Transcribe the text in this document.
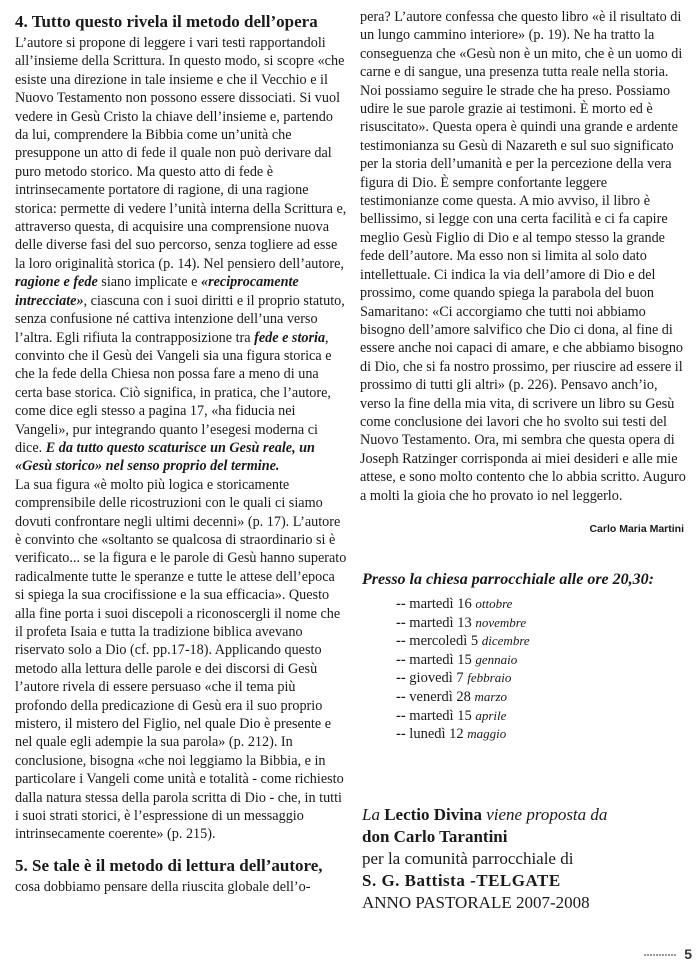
4. Tutto questo rivela il metodo dell’opera

L’autore si propone di leggere i vari testi rapportandoli all’insieme della Scrittura. In questo modo, si scopre «che esiste una direzione in tale insieme e che il Vecchio e il Nuovo Testamento non possono essere dissociati. Si vuol vedere in Gesù Cristo la chiave dell’insieme e, partendo da lui, comprendere la Bibbia come un’unità che presuppone un atto di fede il quale non può derivare dal puro metodo storico. Ma questo atto di fede è intrinsecamente portatore di ragione, di una ragione storica: permette di vedere l’unità interna della Scrittura e, attraverso questa, di acquisire una comprensione nuova delle diverse fasi del suo percorso, senza togliere ad esse la loro originalità storica (p. 14). Nel pensiero dell’autore, ragione e fede siano implicate e «reciprocamente intrecciate», ciascuna con i suoi diritti e il proprio statuto, senza confusione né cattiva intenzione dell’una verso l’altra. Egli rifiuta la contrapposizione tra fede e storia, convinto che il Gesù dei Vangeli sia una figura storica e che la fede della Chiesa non possa fare a meno di una certa base storica. Ciò significa, in pratica, che l’autore, come dice egli stesso a pagina 17, «ha fiducia nei Vangeli», pur integrando quanto l’esegesi moderna ci dice. E da tutto questo scaturisce un Gesù reale, un «Gesù storico» nel senso proprio del termine.

La sua figura «è molto più logica e storicamente comprensibile delle ricostruzioni con le quali ci siamo dovuti confrontare negli ultimi decenni» (p. 17). L’autore è convinto che «soltanto se qualcosa di straordinario si è verificato... se la figura e le parole di Gesù hanno superato radicalmente tutte le speranze e tutte le attese dell’epoca si spiega la sua crocifissione e la sua efficacia». Questo alla fine porta i suoi discepoli a riconoscergli il nome che il profeta Isaia e tutta la tradizione biblica avevano riservato solo a Dio (cf. pp.17-18). Applicando questo metodo alla lettura delle parole e dei discorsi di Gesù l’autore rivela di essere persuaso «che il tema più profondo della predicazione di Gesù era il suo proprio mistero, il mistero del Figlio, nel quale Dio è presente e nel quale egli adempie la sua parola» (p. 212). In conclusione, bisogna «che noi leggiamo la Bibbia, e in particolare i Vangeli come unità e totalità - come richiesto dalla natura stessa della parola scritta di Dio - che, in tutti i suoi strati storici, è l’espressione di un messaggio intrinsecamente coerente» (p. 215).

5. Se tale è il metodo di lettura dell’autore,

cosa dobbiamo pensare della riuscita globale dell’o-

pera? L’autore confessa che questo libro «è il risultato di un lungo cammino interiore» (p. 19). Ne ha tratto la conseguenza che «Gesù non è un mito, che è un uomo di carne e di sangue, una presenza tutta reale nella storia. Noi possiamo seguire le strade che ha preso. Possiamo udire le sue parole grazie ai testimoni. È morto ed è risuscitato». Questa opera è quindi una grande e ardente testimonianza su Gesù di Nazareth e sul suo significato per la storia dell’umanità e per la percezione della vera figura di Dio. È sempre confortante leggere testimonianze come questa. A mio avviso, il libro è bellissimo, si legge con una certa facilità e ci fa capire meglio Gesù Figlio di Dio e al tempo stesso la grande fede dell’autore. Ma esso non si limita al solo dato intellettuale. Ci indica la via dell’amore di Dio e del prossimo, come quando spiega la parabola del buon Samaritano: «Ci accorgiamo che tutti noi abbiamo bisogno dell’amore salvifico che Dio ci dona, al fine di essere anche noi capaci di amare, e che abbiamo bisogno di Dio, che si fa nostro prossimo, per riuscire ad essere il prossimo di tutti gli altri» (p. 226). Pensavo anch’io, verso la fine della mia vita, di scrivere un libro su Gesù come conclusione dei lavori che ho svolto sui testi del Nuovo Testamento. Ora, mi sembra che questa opera di Joseph Ratzinger corrisponda ai miei desideri e alle mie attese, e sono molto contento che lo abbia scritto. Auguro a molti la gioia che ho provato io nel leggerlo.

Carlo Maria Martini
Presso la chiesa parrocchiale alle ore 20,30:
-- martedì 16 ottobre
-- martedì 13 novembre
-- mercoledì 5 dicembre
-- martedì 15 gennaio
-- giovedì 7 febbraio
-- venerdì 28 marzo
-- martedì 15 aprile
-- lunedì 12 maggio
La Lectio Divina viene proposta da
don Carlo Tarantini
per la comunità parrocchiale di
S. G. Battista -TELGATE
ANNO PASTORALE 2007-2008
5
